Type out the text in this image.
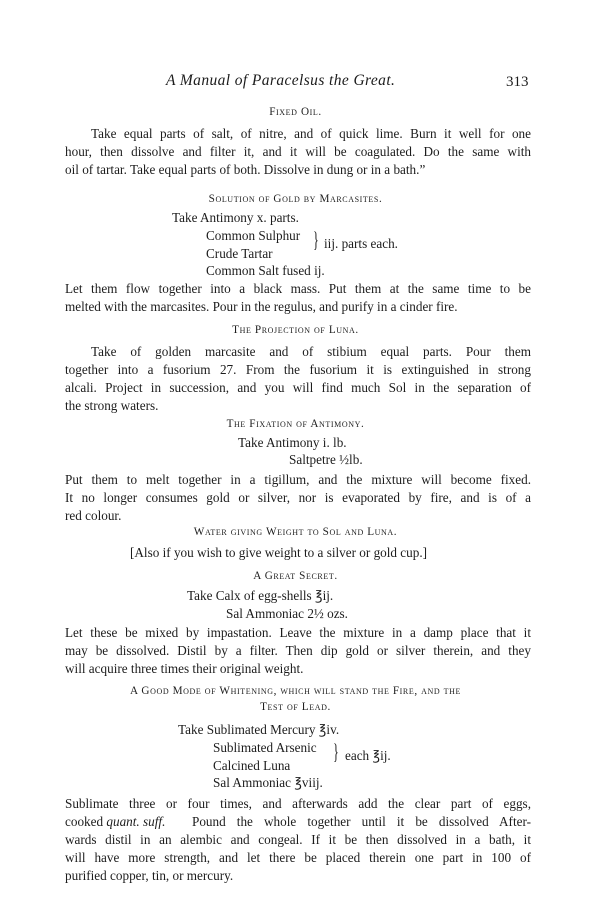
A Manual of Paracelsus the Great.	313
Fixed Oil.
Take equal parts of salt, of nitre, and of quick lime. Burn it well for one
hour, then dissolve and filter it, and it will be coagulated. Do the same with
oil of tartar. Take equal parts of both. Dissolve in dung or in a bath.”
Solution of Gold by Marcasites.
Take Antimony x. parts.
Common Sulphur
Crude Tartar
} iij. parts each.
Common Salt fused ij.
Let them flow together into a black mass. Put them at the same time to be
melted with the marcasites. Pour in the regulus, and purify in a cinder fire.
The Projection of Luna.
Take of golden marcasite and of stibium equal parts. Pour them
together into a fusorium 27. From the fusorium it is extinguished in strong
alcali. Project in succession, and you will find much Sol in the separation of
the strong waters.
The Fixation of Antimony.
Take Antimony i. lb.
Saltpetre ½lb.
Put them to melt together in a tigillum, and the mixture will become fixed.
It no longer consumes gold or silver, nor is evaporated by fire, and is of a
red colour.
Water giving Weight to Sol and Luna.
[Also if you wish to give weight to a silver or gold cup.]
A Great Secret.
Take Calx of egg-shells ℥ij.
Sal Ammoniac 2½ ozs.
Let these be mixed by impastation. Leave the mixture in a damp place that it
may be dissolved. Distil by a filter. Then dip gold or silver therein, and they
will acquire three times their original weight.
A Good Mode of Whitening, which will stand the Fire, and the
Test of Lead.
Take Sublimated Mercury ℥iv.
Sublimated Arsenic
Calcined Luna
} each ℥ij.
Sal Ammoniac ℥viij.
Sublimate three or four times, and afterwards add the clear part of eggs,
cooked quant. suff. Pound the whole together until it be dissolved After-
wards distil in an alembic and congeal. If it be then dissolved in a bath, it
will have more strength, and let there be placed therein one part in 100 of
purified copper, tin, or mercury.
